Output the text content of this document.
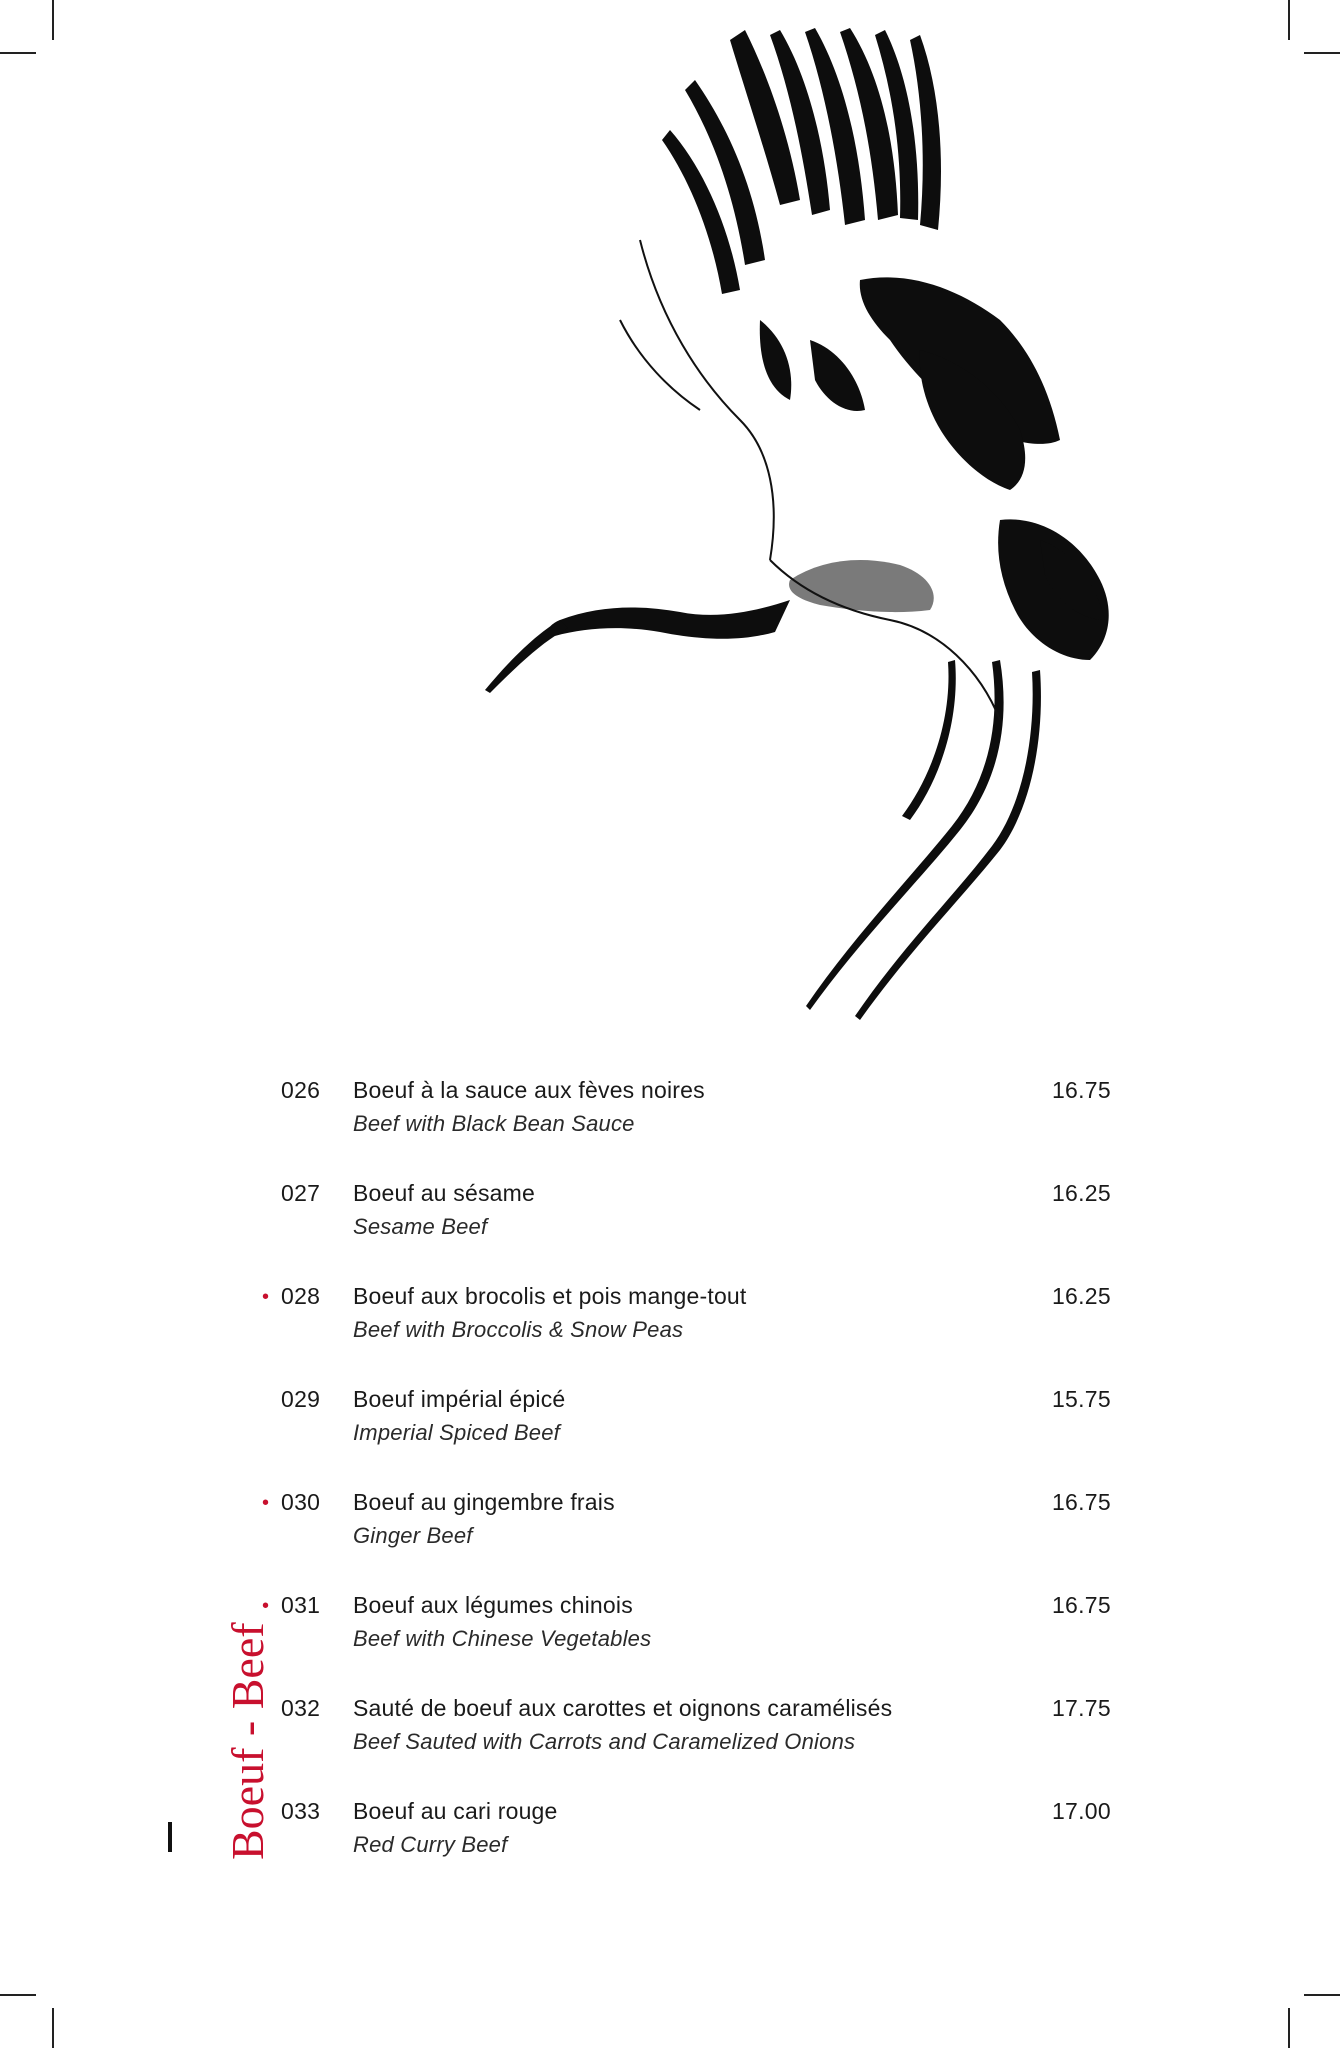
026 Boeuf à la sauce aux fèves noires
Beef with Black Bean Sauce
16.75
027 Boeuf au sésame
Sesame Beef
16.25
• 028 Boeuf aux brocolis et pois mange-tout
Beef with Broccolis & Snow Peas
16.25
029 Boeuf impérial épicé
Imperial Spiced Beef
15.75
• 030 Boeuf au gingembre frais
Ginger Beef
16.75
• 031 Boeuf aux légumes chinois
Beef with Chinese Vegetables
16.75
032 Sauté de boeuf aux carottes et oignons caramélisés
Beef Sauted with Carrots and Caramelized Onions
17.75
033 Boeuf au cari rouge
Red Curry Beef
17.00
Boeuf - Beef
